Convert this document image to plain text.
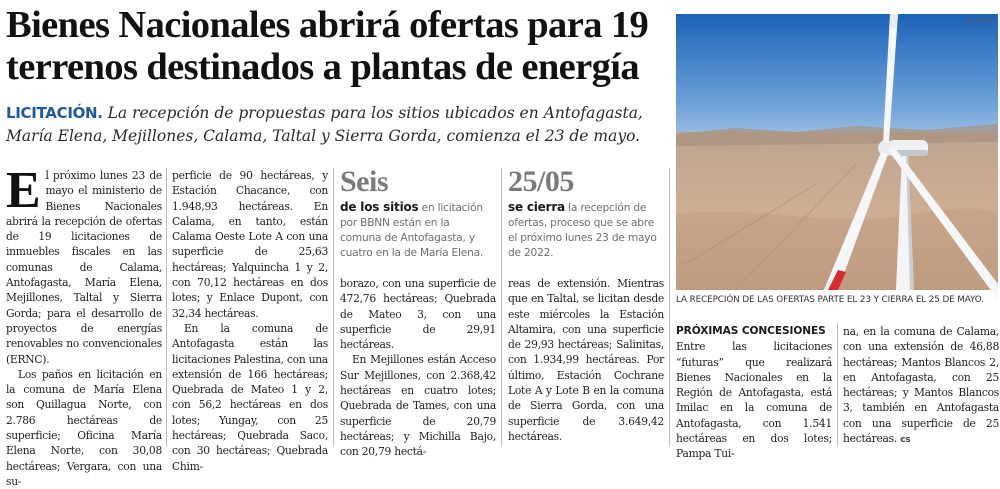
Bienes Nacionales abrirá ofertas para 19
terrenos destinados a plantas de energía
LICITACIÓN. La recepción de propuestas para los sitios ubicados en Antofagasta, María Elena, Mejillones, Calama, Taltal y Sierra Gorda, comienza el 23 de mayo.

El próximo lunes 23 de mayo el ministerio de Bienes Nacionales abrirá la recepción de ofertas de 19 licitaciones de inmuebles fiscales en las comunas de Calama, Antofagasta, María Elena, Mejillones, Taltal y Sierra Gorda; para el desarrollo de proyectos de energías renovables no convencionales (ERNC).

Los paños en licitación en la comuna de María Elena son Quillagua Norte, con 2.786 hectáreas de superficie; Oficina María Elena Norte, con 30,08 hectáreas; Vergara, con una su-

perficie de 90 hectáreas, y Estación Chacance, con 1.948,93 hectáreas. En Calama, en tanto, están Calama Oeste Lote A con una superficie de 25,63 hectáreas; Yalquincha 1 y 2, con 70,12 hectáreas en dos lotes; y Enlace Dupont, con 32,34 hectáreas.

En la comuna de Antofagasta están las licitaciones Palestina, con una extensión de 166 hectáreas; Quebrada de Mateo 1 y 2, con 56,2 hectáreas en dos lotes; Yungay, con 25 hectáreas; Quebrada Saco, con 30 hectáreas; Quebrada Chim-

Seis
de los sitios en licitación por BBNN están en la comuna de Antofagasta, y cuatro en la de María Elena.
25/05
se cierra la recepción de ofertas, proceso que se abre el próximo lunes 23 de mayo de 2022.

borazo, con una superficie de 472,76 hectáreas; Quebrada de Mateo 3, con una superficie de 29,91 hectáreas.

En Mejillones están Acceso Sur Mejillones, con 2.368,42 hectáreas en cuatro lotes; Quebrada de Tames, con una superficie de 20,79 hectáreas; y Michilla Bajo, con 20,79 hectá-

reas de extensión. Mientras que en Taltal, se licitan desde este miércoles la Estación Altamira, con una superficie de 29,93 hectáreas; Salinitas, con 1.934,99 hectáreas. Por último, Estación Cochrane Lote A y Lote B en la comuna de Sierra Gorda, con una superficie de 3.649,42 hectáreas.

CEDIDA
LA RECEPCIÓN DE LAS OFERTAS PARTE EL 23 Y CIERRA EL 25 DE MAYO.
PRÓXIMAS CONCESIONES

Entre las licitaciones “futuras” que realizará Bienes Nacionales en la Región de Antofagasta, está Imilac en la comuna de Antofagasta, con 1.541 hectáreas en dos lotes; Pampa Tui-

na, en la comuna de Calama, con una extensión de 46,88 hectáreas; Mantos Blancos 2, en Antofagasta, con 25 hectáreas; y Mantos Blancos 3, también en Antofagasta con una superficie de 25 hectáreas. cs
